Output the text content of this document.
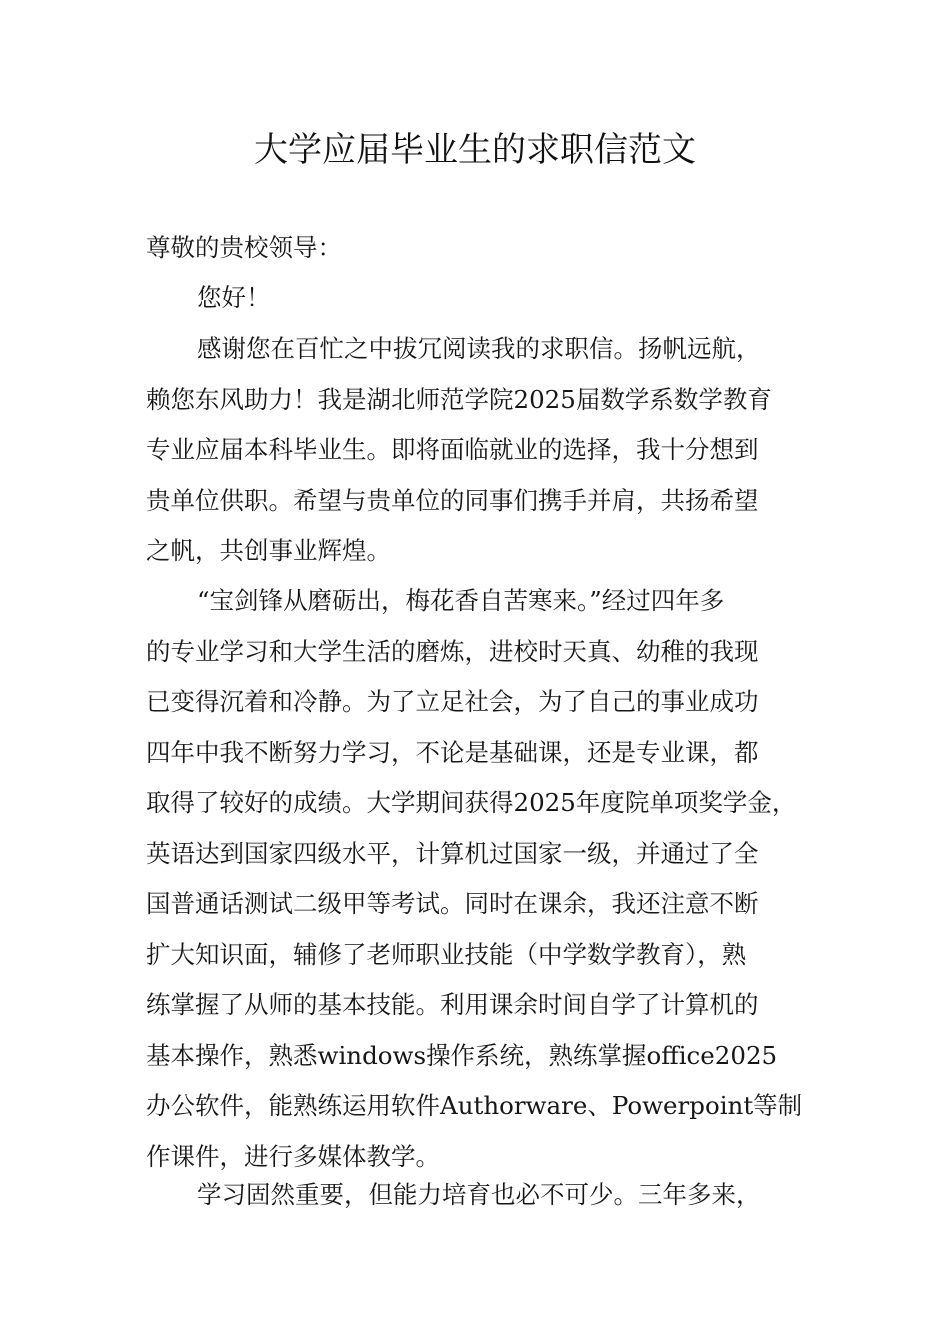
大学应届毕业生的求职信范文
尊敬的贵校领导：
您好！
感谢您在百忙之中拔冗阅读我的求职信。扬帆远航，
赖您东风助力！我是湖北师范学院2025届数学系数学教育
专业应届本科毕业生。即将面临就业的选择，我十分想到
贵单位供职。希望与贵单位的同事们携手并肩，共扬希望
之帆，共创事业辉煌。
“宝剑锋从磨砺出，梅花香自苦寒来。”经过四年多
的专业学习和大学生活的磨炼，进校时天真、幼稚的我现
已变得沉着和冷静。为了立足社会，为了自己的事业成功
四年中我不断努力学习，不论是基础课，还是专业课，都
取得了较好的成绩。大学期间获得2025年度院单项奖学金，
英语达到国家四级水平，计算机过国家一级，并通过了全
国普通话测试二级甲等考试。同时在课余，我还注意不断
扩大知识面，辅修了老师职业技能（中学数学教育），熟
练掌握了从师的基本技能。利用课余时间自学了计算机的
基本操作，熟悉windows操作系统，熟练掌握office2025
办公软件，能熟练运用软件Authorware、Powerpoint等制
作课件，进行多媒体教学。
学习固然重要，但能力培育也必不可少。三年多来，
